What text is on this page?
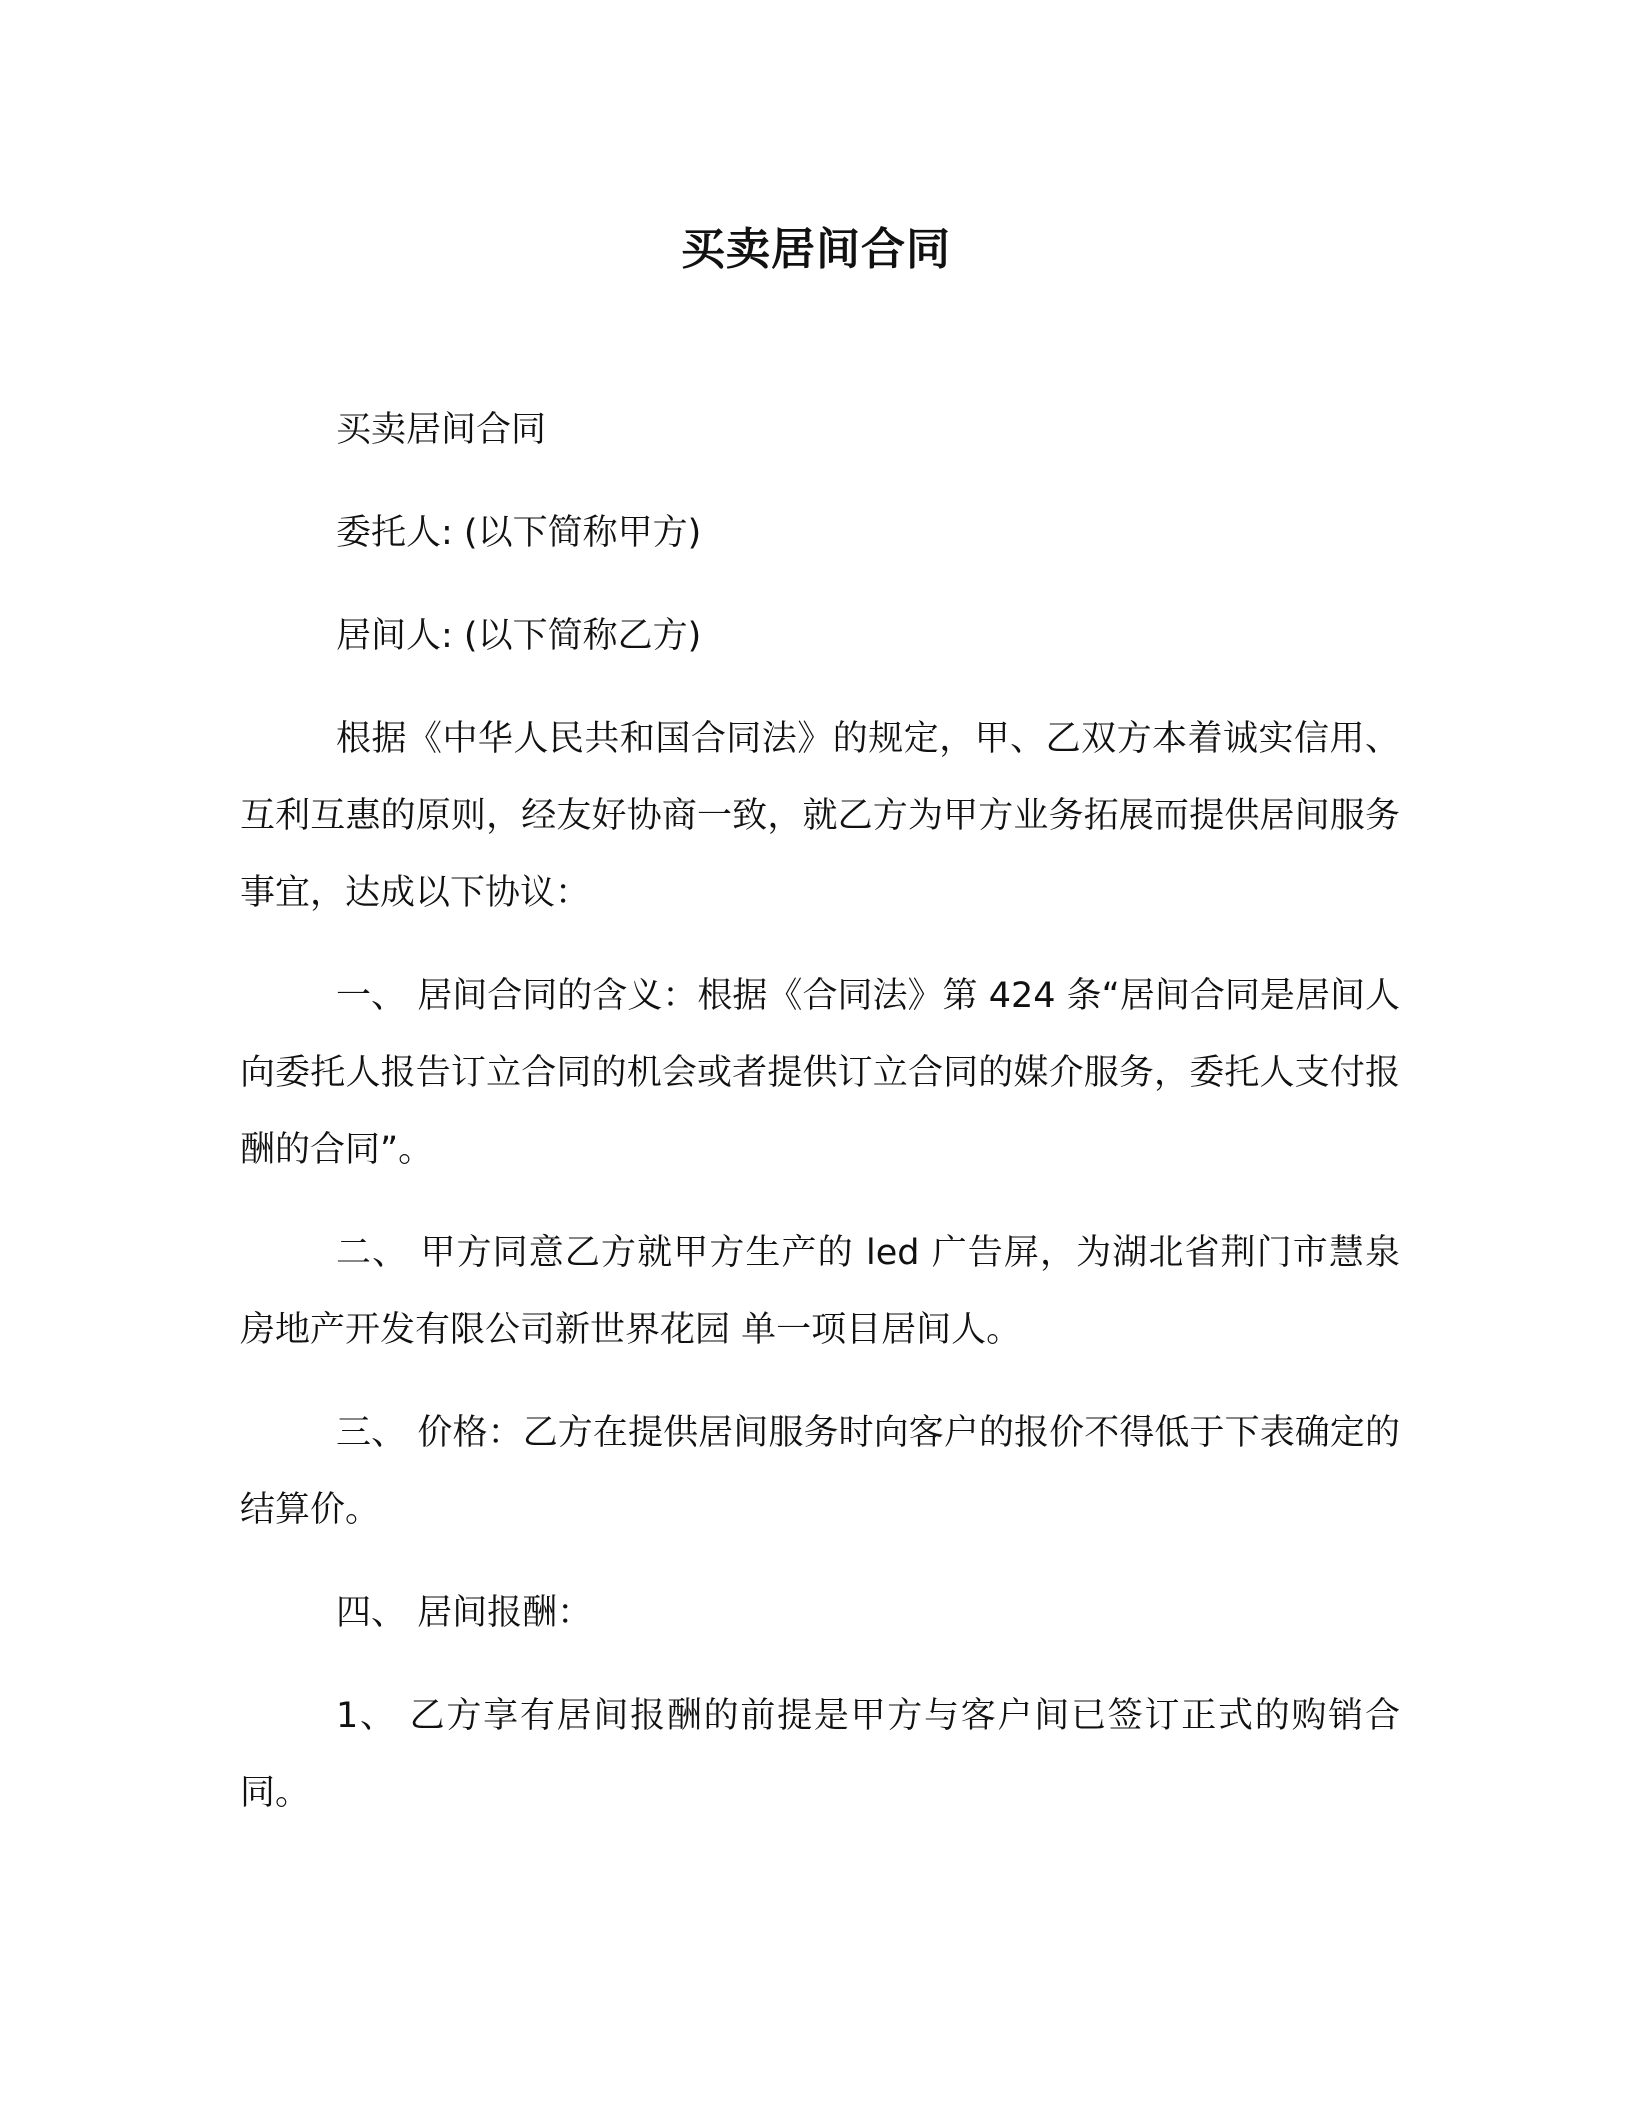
买卖居间合同

买卖居间合同

委托人: (以下简称甲方)

居间人: (以下简称乙方)

根据《中华人民共和国合同法》的规定，甲、乙双方本着诚实信用、互利互惠的原则，经友好协商一致，就乙方为甲方业务拓展而提供居间服务事宜，达成以下协议：

一、 居间合同的含义：根据《合同法》第 424 条“居间合同是居间人向委托人报告订立合同的机会或者提供订立合同的媒介服务，委托人支付报酬的合同”。

二、 甲方同意乙方就甲方生产的 led 广告屏，为湖北省荆门市慧泉房地产开发有限公司新世界花园 单一项目居间人。

三、 价格：乙方在提供居间服务时向客户的报价不得低于下表确定的结算价。

四、 居间报酬：

1、 乙方享有居间报酬的前提是甲方与客户间已签订正式的购销合同。
